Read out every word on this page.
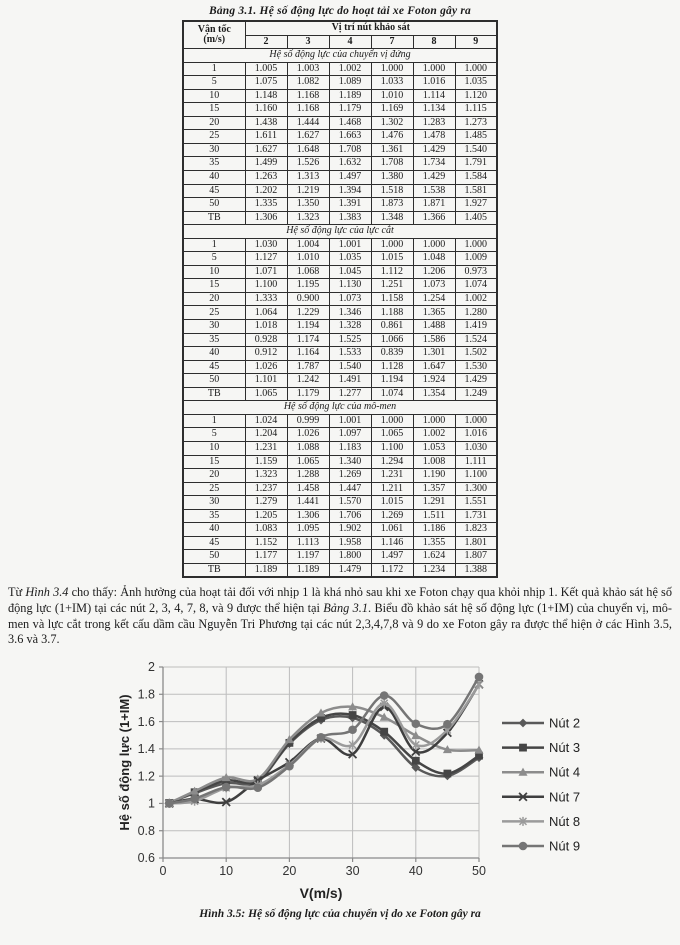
Bảng 3.1. Hệ số động lực do hoạt tải xe Foton gây ra
Vận tốc
(m/s)	Vị trí nút khảo sát					
	2	3	4	7	8	9
Hệ số động lực của chuyển vị đứng						
1	1.005	1.003	1.002	1.000	1.000	1.000
5	1.075	1.082	1.089	1.033	1.016	1.035
10	1.148	1.168	1.189	1.010	1.114	1.120
15	1.160	1.168	1.179	1.169	1.134	1.115
20	1.438	1.444	1.468	1.302	1.283	1.273
25	1.611	1.627	1.663	1.476	1.478	1.485
30	1.627	1.648	1.708	1.361	1.429	1.540
35	1.499	1.526	1.632	1.708	1.734	1.791
40	1.263	1.313	1.497	1.380	1.429	1.584
45	1.202	1.219	1.394	1.518	1.538	1.581
50	1.335	1.350	1.391	1.873	1.871	1.927
TB	1.306	1.323	1.383	1.348	1.366	1.405
Hệ số động lực của lực cắt						
1	1.030	1.004	1.001	1.000	1.000	1.000
5	1.127	1.010	1.035	1.015	1.048	1.009
10	1.071	1.068	1.045	1.112	1.206	0.973
15	1.100	1.195	1.130	1.251	1.073	1.074
20	1.333	0.900	1.073	1.158	1.254	1.002
25	1.064	1.229	1.346	1.188	1.365	1.280
30	1.018	1.194	1.328	0.861	1.488	1.419
35	0.928	1.174	1.525	1.066	1.586	1.524
40	0.912	1.164	1.533	0.839	1.301	1.502
45	1.026	1.787	1.540	1.128	1.647	1.530
50	1.101	1.242	1.491	1.194	1.924	1.429
TB	1.065	1.179	1.277	1.074	1.354	1.249
Hệ số động lực của mô-men						
1	1.024	0.999	1.001	1.000	1.000	1.000
5	1.204	1.026	1.097	1.065	1.002	1.016
10	1.231	1.088	1.183	1.100	1.053	1.030
15	1.159	1.065	1.340	1.294	1.008	1.111
20	1.323	1.288	1.269	1.231	1.190	1.100
25	1.237	1.458	1.447	1.211	1.357	1.300
30	1.279	1.441	1.570	1.015	1.291	1.551
35	1.205	1.306	1.706	1.269	1.511	1.731
40	1.083	1.095	1.902	1.061	1.186	1.823
45	1.152	1.113	1.958	1.146	1.355	1.801
50	1.177	1.197	1.800	1.497	1.624	1.807
TB	1.189	1.189	1.479	1.172	1.234	1.388

Từ Hình 3.4 cho thấy: Ảnh hưởng của hoạt tải đối với nhịp 1 là khá nhỏ sau khi xe Foton chạy qua khỏi nhịp 1. Kết quả khảo sát hệ số động lực (1+IM) tại các nút 2, 3, 4, 7, 8, và 9 được thể hiện tại Bảng 3.1. Biểu đồ khảo sát hệ số động lực (1+IM) của chuyển vị, mô-men và lực cắt trong kết cấu dầm cầu Nguyễn Tri Phương tại các nút 2,3,4,7,8 và 9 do xe Foton gây ra được thể hiện ở các Hình 3.5, 3.6 và 3.7.

0.6
0.8
1
1.2
1.4
1.6
1.8
2
0	10	20	30	40	50
V(m/s)
Hệ số động lực (1+IM)	Nút 2
Nút 3
Nút 4
Nút 7
Nút 8
Nút 9
Hình 3.5: Hệ số động lực của chuyển vị do xe Foton gây ra
